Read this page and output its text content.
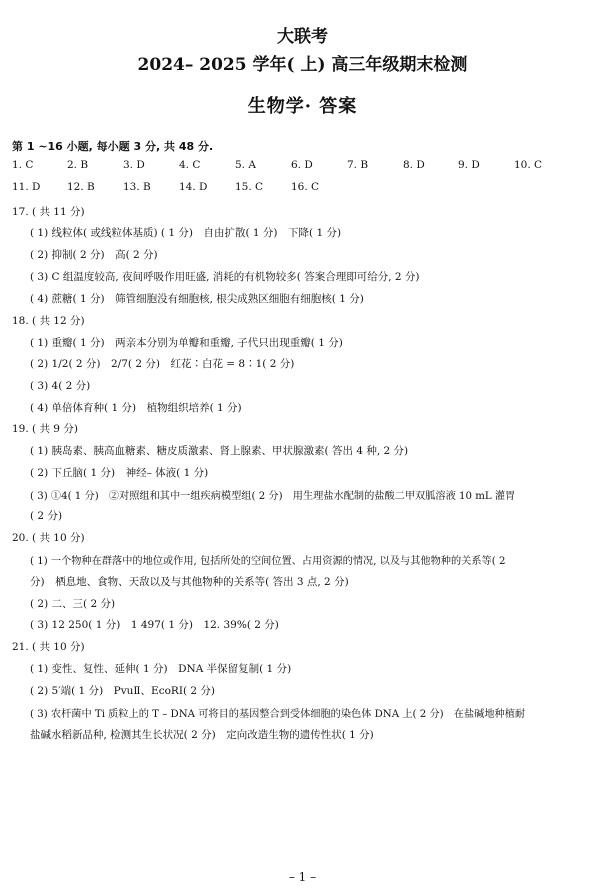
大联考
2024– 2025 学年( 上) 高三年级期末检测
生物学· 答案
第 1 ~16 小题, 每小题 3 分, 共 48 分.
1. C	2. B	3. D	4. C	5. A	6. D	7. B	8. D	9. D	10. C
11. D	12. B	13. B	14. D	15. C	16. C
17. ( 共 11 分)
( 1) 线粒体( 或线粒体基质) ( 1 分)　自由扩散( 1 分)　下降( 1 分)
( 2) 抑制( 2 分)　高( 2 分)
( 3) C 组温度较高, 夜间呼吸作用旺盛, 消耗的有机物较多( 答案合理即可给分, 2 分)
( 4) 蔗糖( 1 分)　筛管细胞没有细胞核, 根尖成熟区细胞有细胞核( 1 分)
18. ( 共 12 分)
( 1) 重瓣( 1 分)　两亲本分别为单瓣和重瓣, 子代只出现重瓣( 1 分)
( 2) 1/2( 2 分)　2/7( 2 分)　红花∶白花 = 8∶1( 2 分)
( 3) 4( 2 分)
( 4) 单倍体育种( 1 分)　植物组织培养( 1 分)
19. ( 共 9 分)
( 1) 胰岛素、胰高血糖素、糖皮质激素、肾上腺素、甲状腺激素( 答出 4 种, 2 分)
( 2) 下丘脑( 1 分)　神经– 体液( 1 分)
( 3) ①4( 1 分)　②对照组和其中一组疾病模型组( 2 分)　用生理盐水配制的盐酸二甲双胍溶液 10 mL 灌胃
( 2 分)
20. ( 共 10 分)
( 1) 一个物种在群落中的地位或作用, 包括所处的空间位置、占用资源的情况, 以及与其他物种的关系等( 2
分)　栖息地、食物、天敌以及与其他物种的关系等( 答出 3 点, 2 分)
( 2) 二、三( 2 分)
( 3) 12 250( 1 分)　1 497( 1 分)　12. 39%( 2 分)
21. ( 共 10 分)
( 1) 变性、复性、延伸( 1 分)　DNA 半保留复制( 1 分)
( 2) 5′端( 1 分)　PvuⅡ、EcoRⅠ( 2 分)
( 3) 农杆菌中 Ti 质粒上的 T – DNA 可将目的基因整合到受体细胞的染色体 DNA 上( 2 分)　在盐碱地种植耐
盐碱水稻新品种, 检测其生长状况( 2 分)　定向改造生物的遗传性状( 1 分)
– 1 –
